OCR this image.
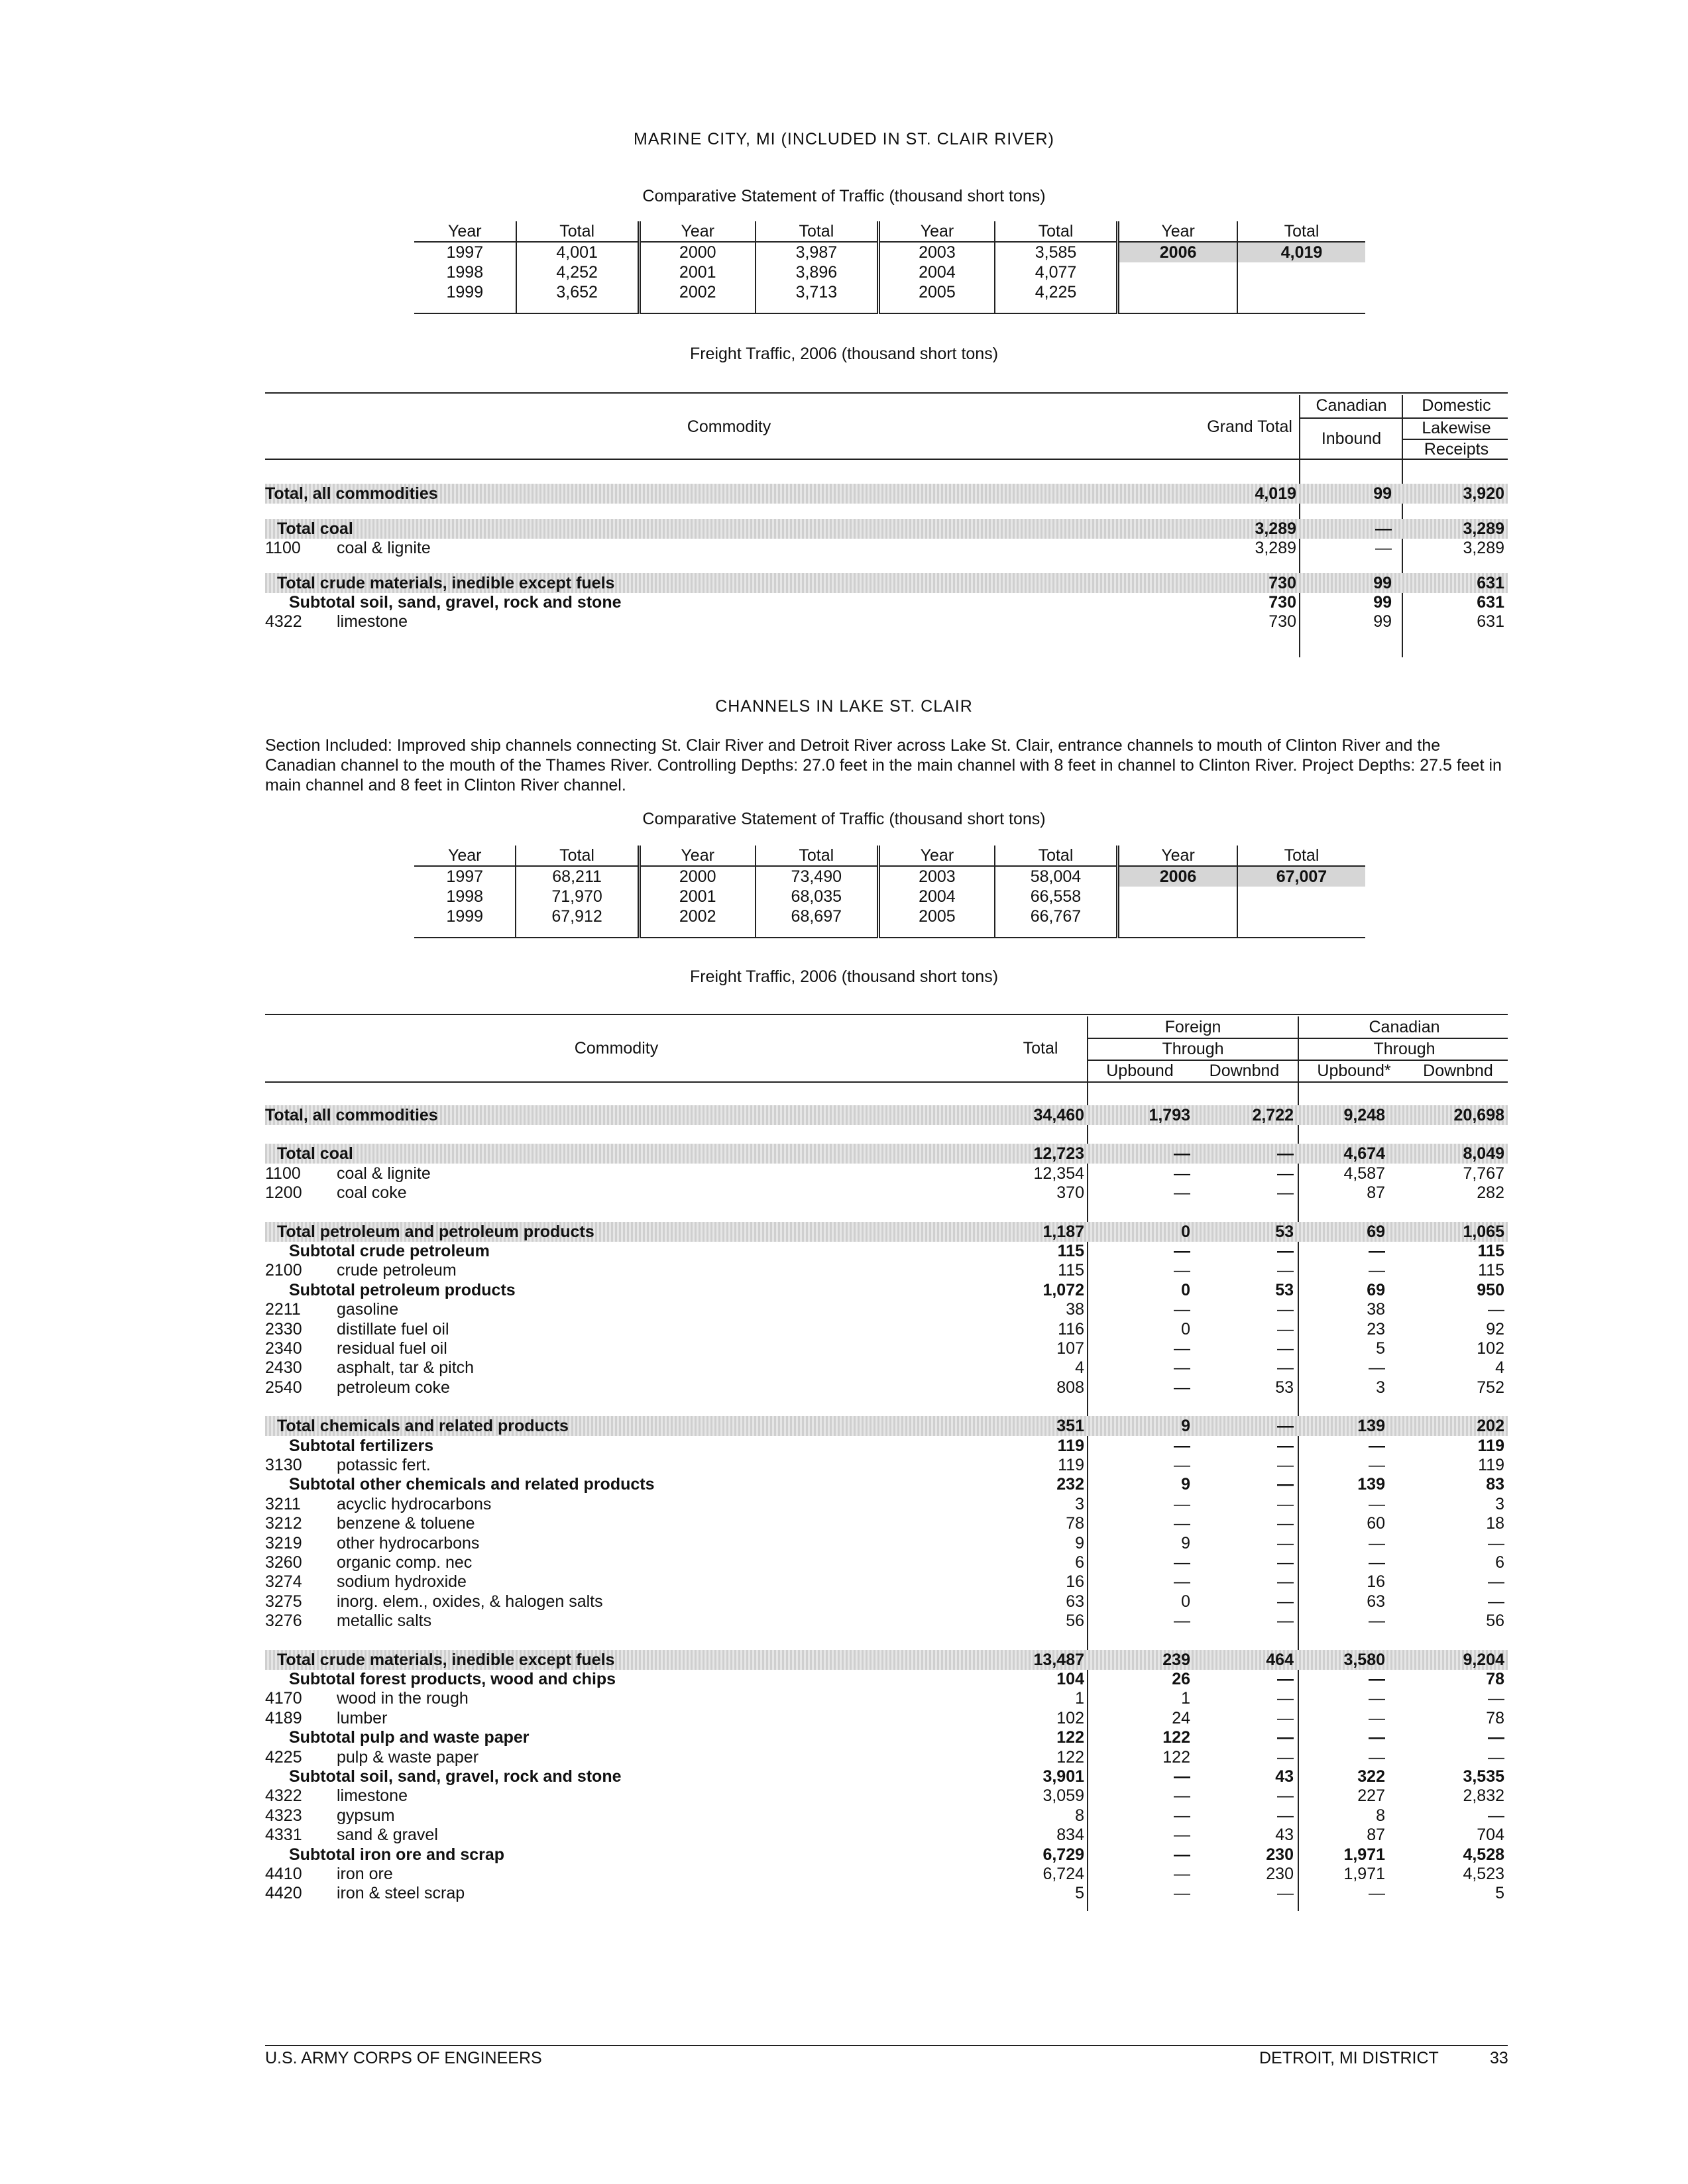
MARINE CITY, MI (INCLUDED IN ST. CLAIR RIVER)
Comparative Statement of Traffic (thousand short tons)
Year	Total	Year	Total	Year	Total	Year	Total
1997	4,001	2000	3,987	2003	3,585	2006	4,019
1998	4,252	2001	3,896	2004	4,077		
1999	3,652	2002	3,713	2005	4,225		

Freight Traffic, 2006 (thousand short tons)
Commodity	Grand Total
Canadian
Inbound
Domestic
Lakewise
Receipts
Total, all commodities	4,019	99	3,920
Total coal	3,289	—	3,289
1100 coal & lignite	3,289	—	3,289
Total crude materials, inedible except fuels	730	99	631
Subtotal soil, sand, gravel, rock and stone	730	99	631
4322 limestone	730	99	631
CHANNELS IN LAKE ST. CLAIR
Section Included: Improved ship channels connecting St. Clair River and Detroit River across Lake St. Clair, entrance channels to mouth of Clinton River and the Canadian channel to the mouth of the Thames River. Controlling Depths: 27.0 feet in the main channel with 8 feet in channel to Clinton River. Project Depths: 27.5 feet in main channel and 8 feet in Clinton River channel.
Comparative Statement of Traffic (thousand short tons)
Year	Total	Year	Total	Year	Total	Year	Total
1997	68,211	2000	73,490	2003	58,004	2006	67,007
1998	71,970	2001	68,035	2004	66,558		
1999	67,912	2002	68,697	2005	66,767		

Freight Traffic, 2006 (thousand short tons)
Commodity	Total
Foreign
Through
Upbound	Downbnd
Canadian
Through
Upbound*	Downbnd
Total, all commodities	34,460	1,793	2,722	9,248	20,698
Total coal	12,723	—	—	4,674	8,049
1100 coal & lignite	12,354	—	—	4,587	7,767
1200 coal coke	370	—	—	87	282
Total petroleum and petroleum products	1,187	0	53	69	1,065
Subtotal crude petroleum	115	—	—	—	115
2100 crude petroleum	115	—	—	—	115
Subtotal petroleum products	1,072	0	53	69	950
2211 gasoline	38	—	—	38	—
2330 distillate fuel oil	116	0	—	23	92
2340 residual fuel oil	107	—	—	5	102
2430 asphalt, tar & pitch	4	—	—	—	4
2540 petroleum coke	808	—	53	3	752
Total chemicals and related products	351	9	—	139	202
Subtotal fertilizers	119	—	—	—	119
3130 potassic fert.	119	—	—	—	119
Subtotal other chemicals and related products	232	9	—	139	83
3211 acyclic hydrocarbons	3	—	—	—	3
3212 benzene & toluene	78	—	—	60	18
3219 other hydrocarbons	9	9	—	—	—
3260 organic comp. nec	6	—	—	—	6
3274 sodium hydroxide	16	—	—	16	—
3275 inorg. elem., oxides, & halogen salts	63	0	—	63	—
3276 metallic salts	56	—	—	—	56
Total crude materials, inedible except fuels	13,487	239	464	3,580	9,204
Subtotal forest products, wood and chips	104	26	—	—	78
4170 wood in the rough	1	1	—	—	—
4189 lumber	102	24	—	—	78
Subtotal pulp and waste paper	122	122	—	—	—
4225 pulp & waste paper	122	122	—	—	—
Subtotal soil, sand, gravel, rock and stone	3,901	—	43	322	3,535
4322 limestone	3,059	—	—	227	2,832
4323 gypsum	8	—	—	8	—
4331 sand & gravel	834	—	43	87	704
Subtotal iron ore and scrap	6,729	—	230	1,971	4,528
4410 iron ore	6,724	—	230	1,971	4,523
4420 iron & steel scrap	5	—	—	—	5
U.S. ARMY CORPS OF ENGINEERS	DETROIT, MI DISTRICT	33
